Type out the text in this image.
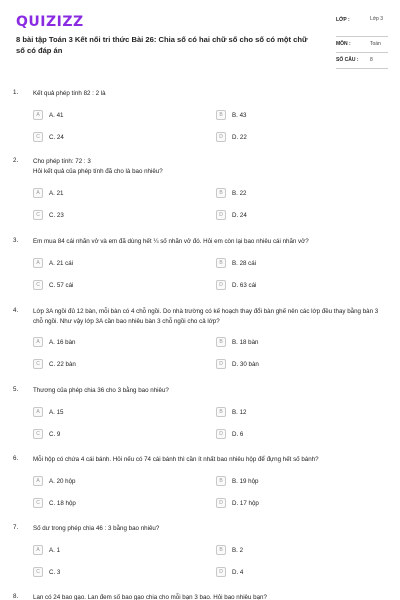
QUIZIZZ
8 bài tập Toán 3 Kết nối tri thức Bài 26: Chia số có hai chữ số cho số có một chữ số có đáp án
LỚP :	Lớp 3
MÔN :	Toán
SỐ CÂU : 8
1. Kết quả phép tính 82 : 2 là
A	A. 41	B	B. 43
C	C. 24	D	D. 22
2. Cho phép tính: 72 : 3
Hỏi kết quả của phép tính đã cho là bao nhiêu?
A	A. 21	B	B. 22
C	C. 23	D	D. 24
3. Em mua 84 cái nhãn vở và em đã dùng hết ¼ số nhãn vở đó. Hỏi em còn lại bao nhiêu cái nhãn vở?
A	A. 21 cái	B	B. 28 cái
C	C. 57 cái	D	D. 63 cái
4. Lớp 3A ngồi đủ 12 bàn, mỗi bàn có 4 chỗ ngồi. Do nhà trường có kế hoạch thay đổi bàn ghế nên các lớp đều thay bằng bàn 3 chỗ ngồi. Như vậy lớp 3A cần bao nhiêu bàn 3 chỗ ngồi cho cả lớp?
A	A. 16 bàn	B	B. 18 bàn
C	C. 22 bàn	D	D. 30 bàn
5. Thương của phép chia 36 cho 3 bằng bao nhiêu?
A	A. 15	B	B. 12
C	C. 9	D	D. 6
6. Mỗi hộp có chứa 4 cái bánh. Hỏi nếu có 74 cái bánh thì cần ít nhất bao nhiêu hộp để đựng hết số bánh?
A	A. 20 hộp	B	B. 19 hộp
C	C. 18 hộp	D	D. 17 hộp
7. Số dư trong phép chia 46 : 3 bằng bao nhiêu?
A	A. 1	B	B. 2
C	C. 3	D	D. 4
8. Lan có 24 bao gạo. Lan đem số bao gạo chia cho mỗi bạn 3 bao. Hỏi bao nhiêu bạn?
